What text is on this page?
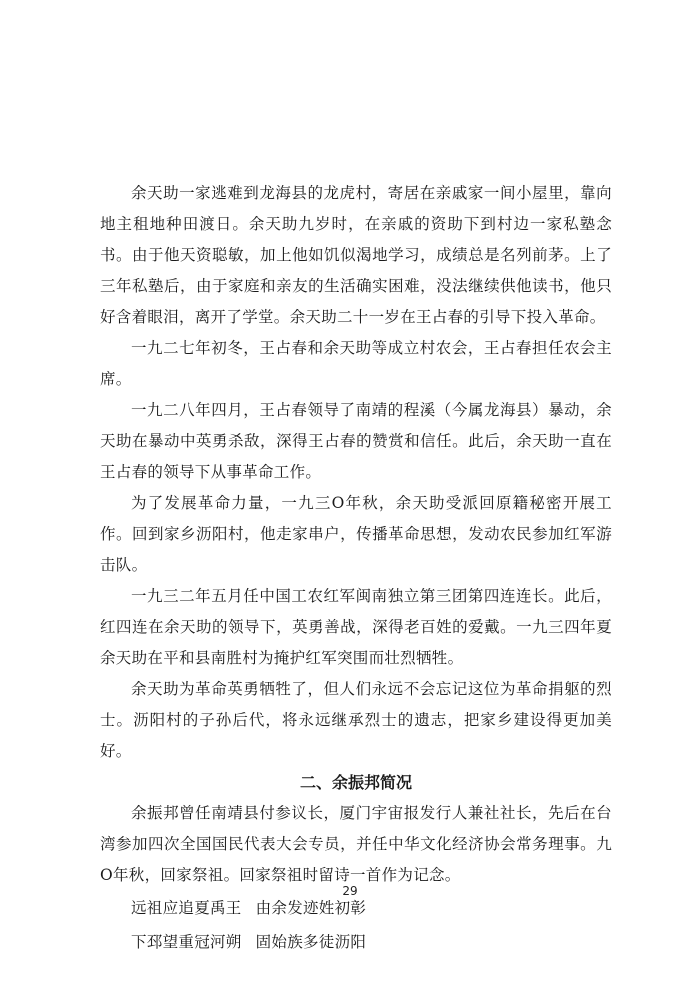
余天助一家逃难到龙海县的龙虎村，寄居在亲戚家一间小屋里，靠向地主租地种田渡日。余天助九岁时，在亲戚的资助下到村边一家私塾念书。由于他天资聪敏，加上他如饥似渴地学习，成绩总是名列前茅。上了三年私塾后，由于家庭和亲友的生活确实困难，没法继续供他读书，他只好含着眼泪，离开了学堂。余天助二十一岁在王占春的引导下投入革命。

一九二七年初冬，王占春和余天助等成立村农会，王占春担任农会主席。

一九二八年四月，王占春领导了南靖的程溪（今属龙海县）暴动，余天助在暴动中英勇杀敌，深得王占春的赞赏和信任。此后，余天助一直在王占春的领导下从事革命工作。

为了发展革命力量，一九三O年秋，余天助受派回原籍秘密开展工作。回到家乡沥阳村，他走家串户，传播革命思想，发动农民参加红军游击队。

一九三二年五月任中国工农红军闽南独立第三团第四连连长。此后，红四连在余天助的领导下，英勇善战，深得老百姓的爱戴。一九三四年夏余天助在平和县南胜村为掩护红军突围而壮烈牺牲。

余天助为革命英勇牺牲了，但人们永远不会忘记这位为革命捐躯的烈士。沥阳村的子孙后代，将永远继承烈士的遗志，把家乡建设得更加美好。

二、余振邦简况

余振邦曾任南靖县付参议长，厦门宇宙报发行人兼社社长，先后在台湾参加四次全国国民代表大会专员，并任中华文化经济协会常务理事。九O年秋，回家祭祖。回家祭祖时留诗一首作为记念。

远祖应追夏禹王 由余发迹姓初彰

下邳望重冠河朔 固始族多徒沥阳

29
